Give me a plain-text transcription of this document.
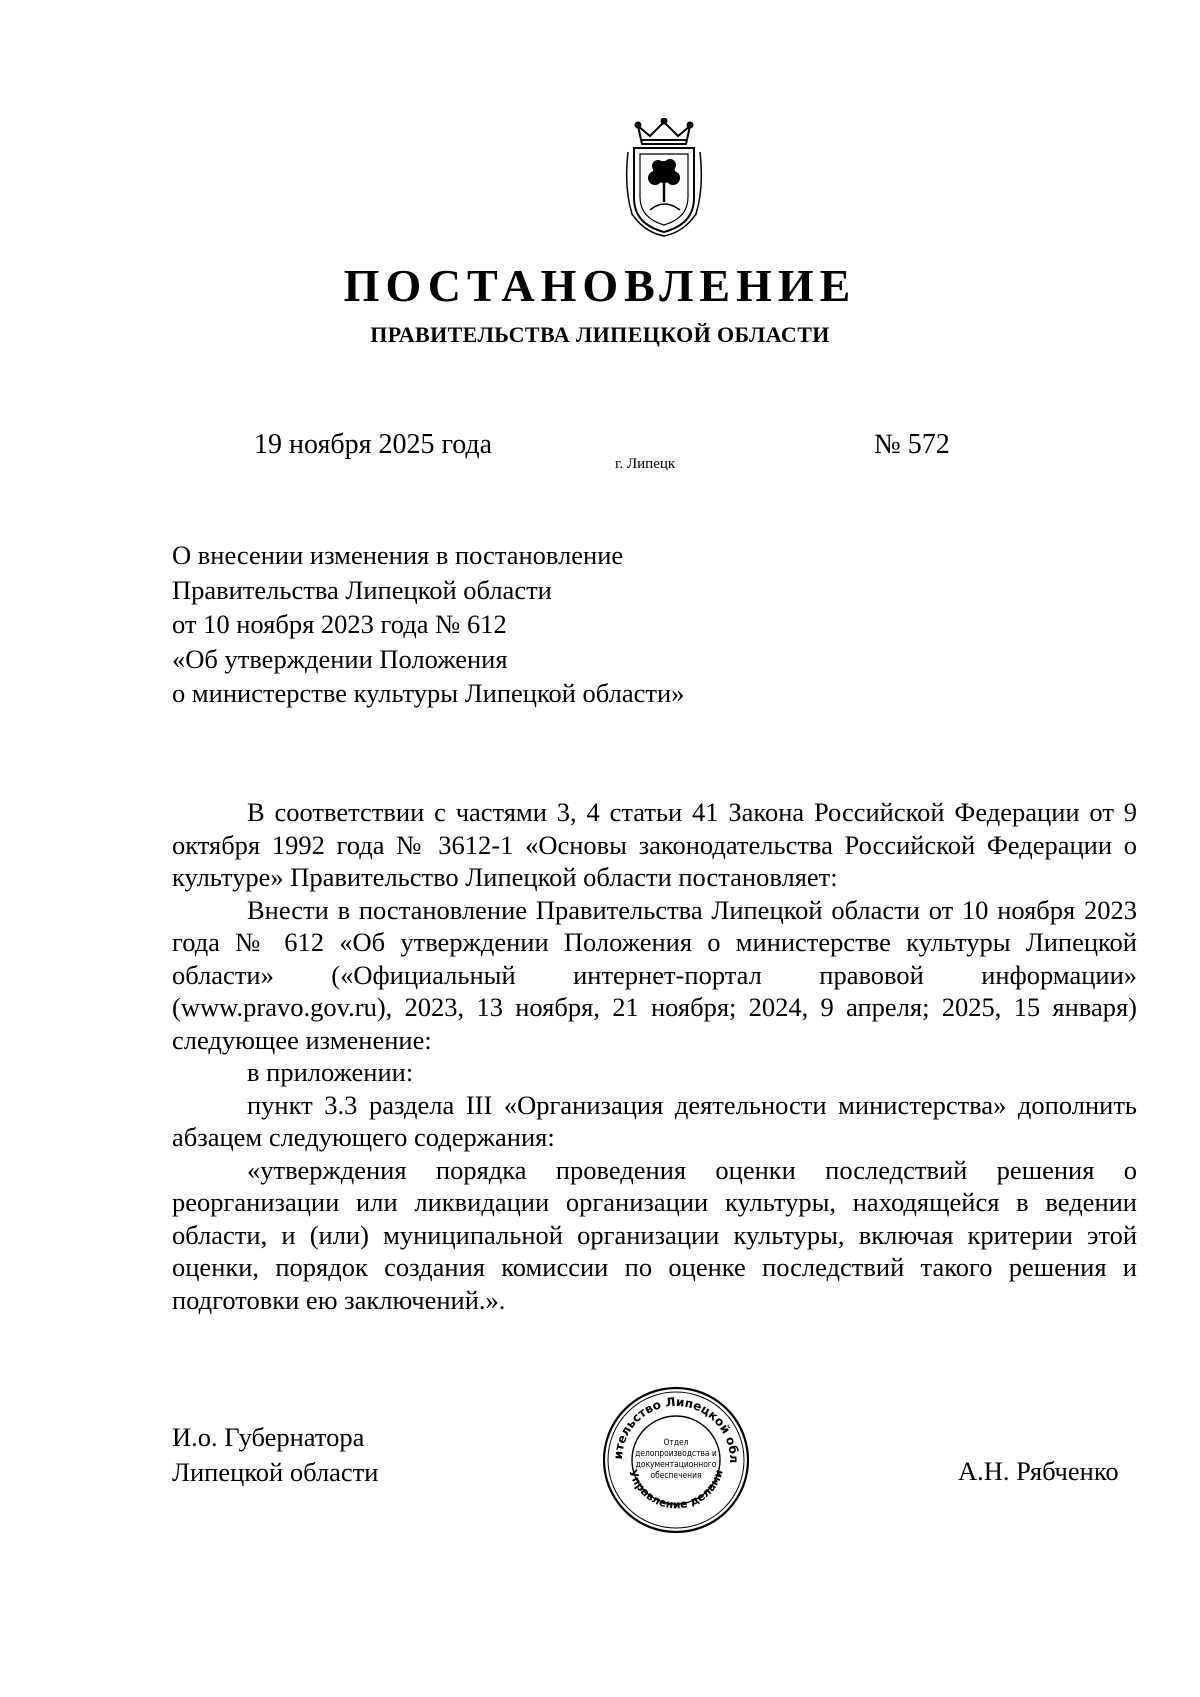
ПОСТАНОВЛЕНИЕ
ПРАВИТЕЛЬСТВА ЛИПЕЦКОЙ ОБЛАСТИ
19 ноября 2025 года
г. Липецк
№ 572
О внесении изменения в постановление
Правительства Липецкой области
от 10 ноября 2023 года № 612
«Об утверждении Положения
о министерстве культуры Липецкой области»

В соответствии с частями 3, 4 статьи 41 Закона Российской Федерации от 9 октября 1992 года № 3612-1 «Основы законодательства Российской Федерации о культуре» Правительство Липецкой области постановляет:

Внести в постановление Правительства Липецкой области от 10 ноября 2023 года № 612 «Об утверждении Положения о министерстве культуры Липецкой области» («Официальный интернет-портал правовой информации» (www.pravo.gov.ru), 2023, 13 ноября, 21 ноября; 2024, 9 апреля; 2025, 15 января) следующее изменение:

в приложении:

пункт 3.3 раздела III «Организация деятельности министерства» дополнить абзацем следующего содержания:

«утверждения порядка проведения оценки последствий решения о реорганизации или ликвидации организации культуры, находящейся в ведении области, и (или) муниципальной организации культуры, включая критерии этой оценки, порядок создания комиссии по оценке последствий такого решения и подготовки ею заключений.».

И.о. Губернатора
Липецкой области
ительство Липецкой обл
Управление делами
Отдел
делопроизводства и
документационного
обеспечения	А.Н. Рябченко
